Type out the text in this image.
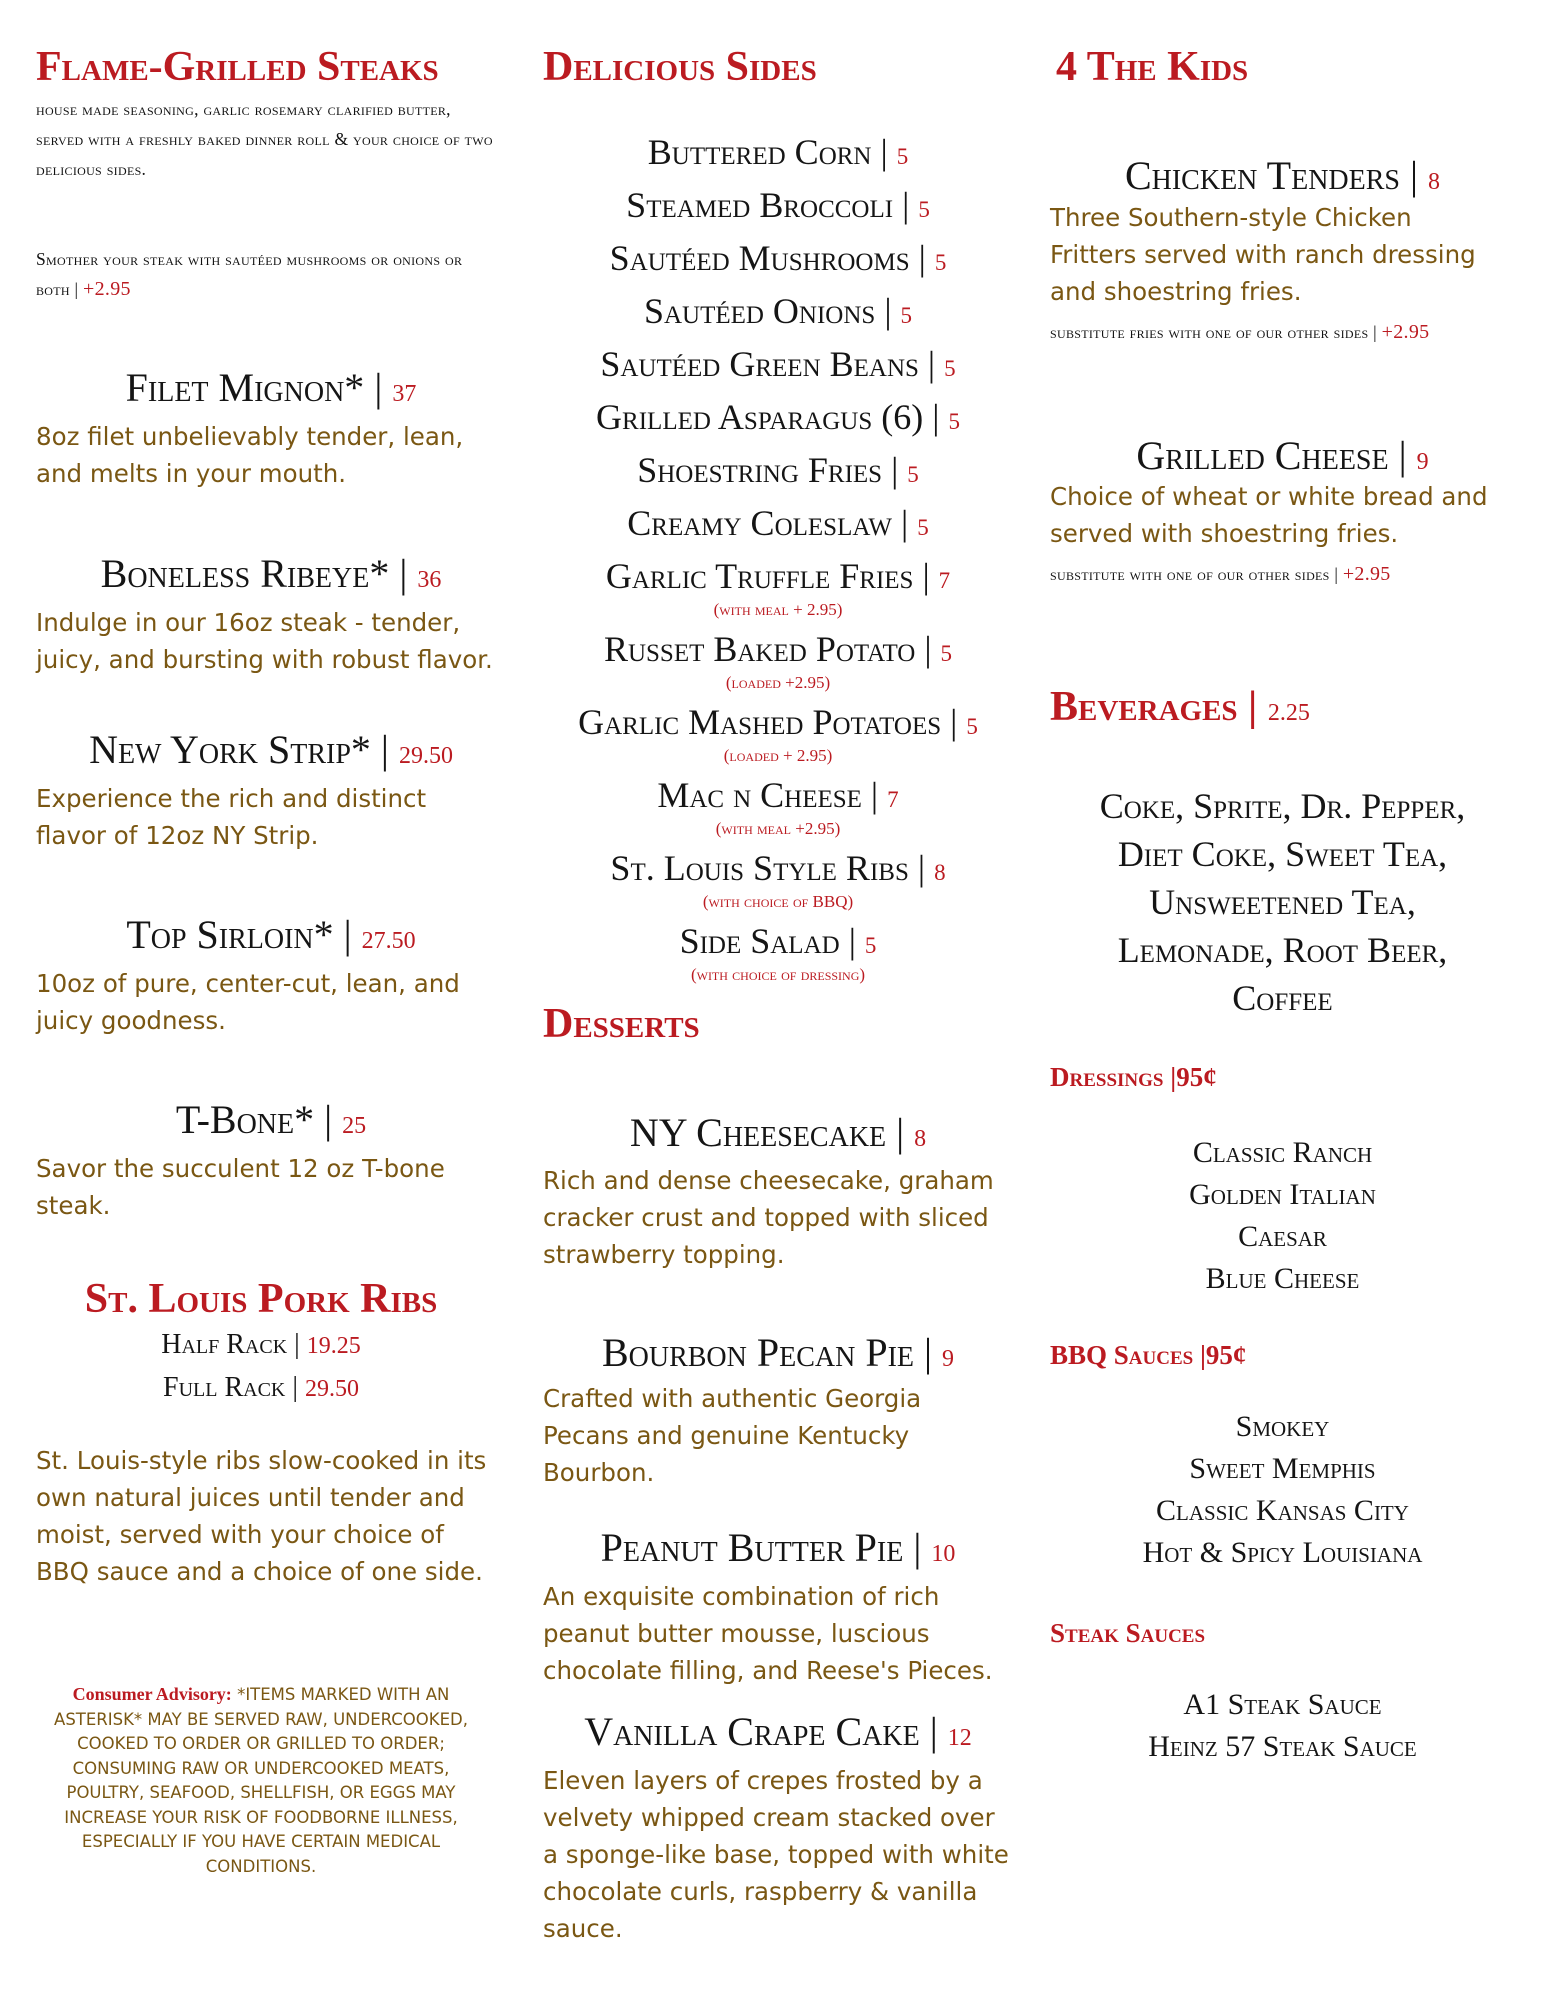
Flame-Grilled Steaks
house made seasoning, garlic rosemary clarified butter, served with a freshly baked dinner roll & your choice of two delicious sides.
Smother your steak with sautéed mushrooms or onions or both | +2.95
Filet Mignon* | 37
8oz filet unbelievably tender, lean, and melts in your mouth.
Boneless Ribeye* | 36
Indulge in our 16oz steak - tender, juicy, and bursting with robust flavor.
New York Strip* | 29.50
Experience the rich and distinct flavor of 12oz NY Strip.
Top Sirloin* | 27.50
10oz of pure, center-cut, lean, and juicy goodness.
T-Bone* | 25
Savor the succulent 12 oz T-bone steak.
St. Louis Pork Ribs
Half Rack | 19.25
Full Rack | 29.50
St. Louis-style ribs slow-cooked in its own natural juices until tender and moist, served with your choice of BBQ sauce and a choice of one side.
Consumer Advisory: *ITEMS MARKED WITH AN ASTERISK* MAY BE SERVED RAW, UNDERCOOKED, COOKED TO ORDER OR GRILLED TO ORDER; CONSUMING RAW OR UNDERCOOKED MEATS, POULTRY, SEAFOOD, SHELLFISH, OR EGGS MAY INCREASE YOUR RISK OF FOODBORNE ILLNESS, ESPECIALLY IF YOU HAVE CERTAIN MEDICAL CONDITIONS.
Delicious Sides
Buttered Corn | 5
Steamed Broccoli | 5
Sautéed Mushrooms | 5
Sautéed Onions | 5
Sautéed Green Beans | 5
Grilled Asparagus (6) | 5
Shoestring Fries | 5
Creamy Coleslaw | 5
Garlic Truffle Fries | 7
(with meal + 2.95)
Russet Baked Potato | 5
(loaded +2.95)
Garlic Mashed Potatoes | 5
(loaded + 2.95)
Mac n Cheese | 7
(with meal +2.95)
St. Louis Style Ribs | 8
(with choice of BBQ)
Side Salad | 5
(with choice of dressing)
Desserts
NY Cheesecake | 8
Rich and dense cheesecake, graham cracker crust and topped with sliced strawberry topping.
Bourbon Pecan Pie | 9
Crafted with authentic Georgia Pecans and genuine Kentucky Bourbon.
Peanut Butter Pie | 10
An exquisite combination of rich peanut butter mousse, luscious chocolate filling, and Reese's Pieces.
Vanilla Crape Cake | 12
Eleven layers of crepes frosted by a velvety whipped cream stacked over a sponge-like base, topped with white chocolate curls, raspberry & vanilla sauce.
4 The Kids
Chicken Tenders | 8
Three Southern-style Chicken Fritters served with ranch dressing and shoestring fries.
substitute fries with one of our other sides | +2.95
Grilled Cheese | 9
Choice of wheat or white bread and served with shoestring fries.
substitute with one of our other sides | +2.95
Beverages | 2.25
Coke, Sprite, Dr. Pepper,
Diet Coke, Sweet Tea,
Unsweetened Tea,
Lemonade, Root Beer,
Coffee
Dressings |95¢
Classic Ranch
Golden Italian
Caesar
Blue Cheese
BBQ Sauces |95¢
Smokey
Sweet Memphis
Classic Kansas City
Hot & Spicy Louisiana
Steak Sauces
A1 Steak Sauce
Heinz 57 Steak Sauce
